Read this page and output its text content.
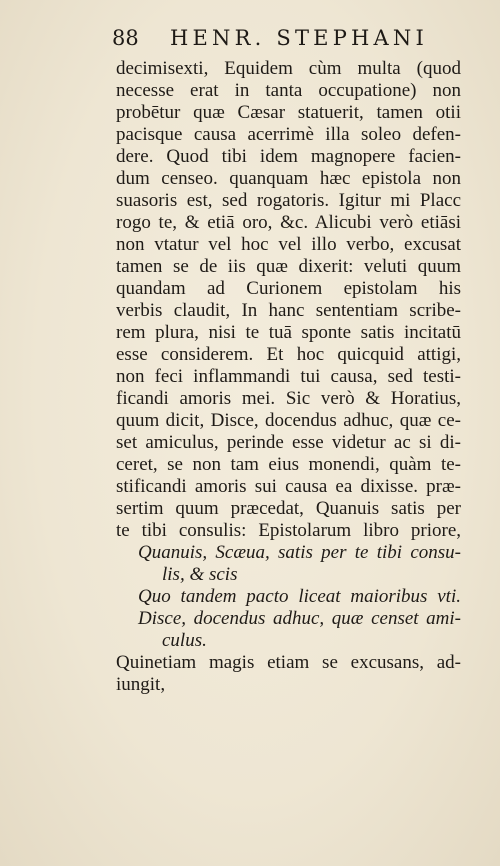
88 HENR. STEPHANI
decimisexti, Equidem cùm multa (quod
necesse erat in tanta occupatione) non
probētur quæ Cæsar statuerit, tamen otii
pacisque causa acerrimè illa soleo defen-
dere. Quod tibi idem magnopere facien-
dum censeo. quanquam hæc epistola non
suasoris est, sed rogatoris. Igitur mi Placc
rogo te, & etiā oro, &c. Alicubi verò etiāsi
non vtatur vel hoc vel illo verbo, excusat
tamen se de iis quæ dixerit: veluti quum
quandam ad Curionem epistolam his
verbis claudit, In hanc sententiam scribe-
rem plura, nisi te tuā sponte satis incitatū
esse considerem. Et hoc quicquid attigi,
non feci inflammandi tui causa, sed testi-
ficandi amoris mei. Sic verò & Horatius,
quum dicit, Disce, docendus adhuc, quæ ce-
set amiculus, perinde esse videtur ac si di-
ceret, se non tam eius monendi, quàm te-
stificandi amoris sui causa ea dixisse. præ-
sertim quum præcedat, Quanuis satis per
te tibi consulis: Epistolarum libro priore,
Quanuis, Scæua, satis per te tibi consu-
lis, & scis
Quo tandem pacto liceat maioribus vti.
Disce, docendus adhuc, quæ censet ami-
culus.
Quinetiam magis etiam se excusans, ad-
iungit,
